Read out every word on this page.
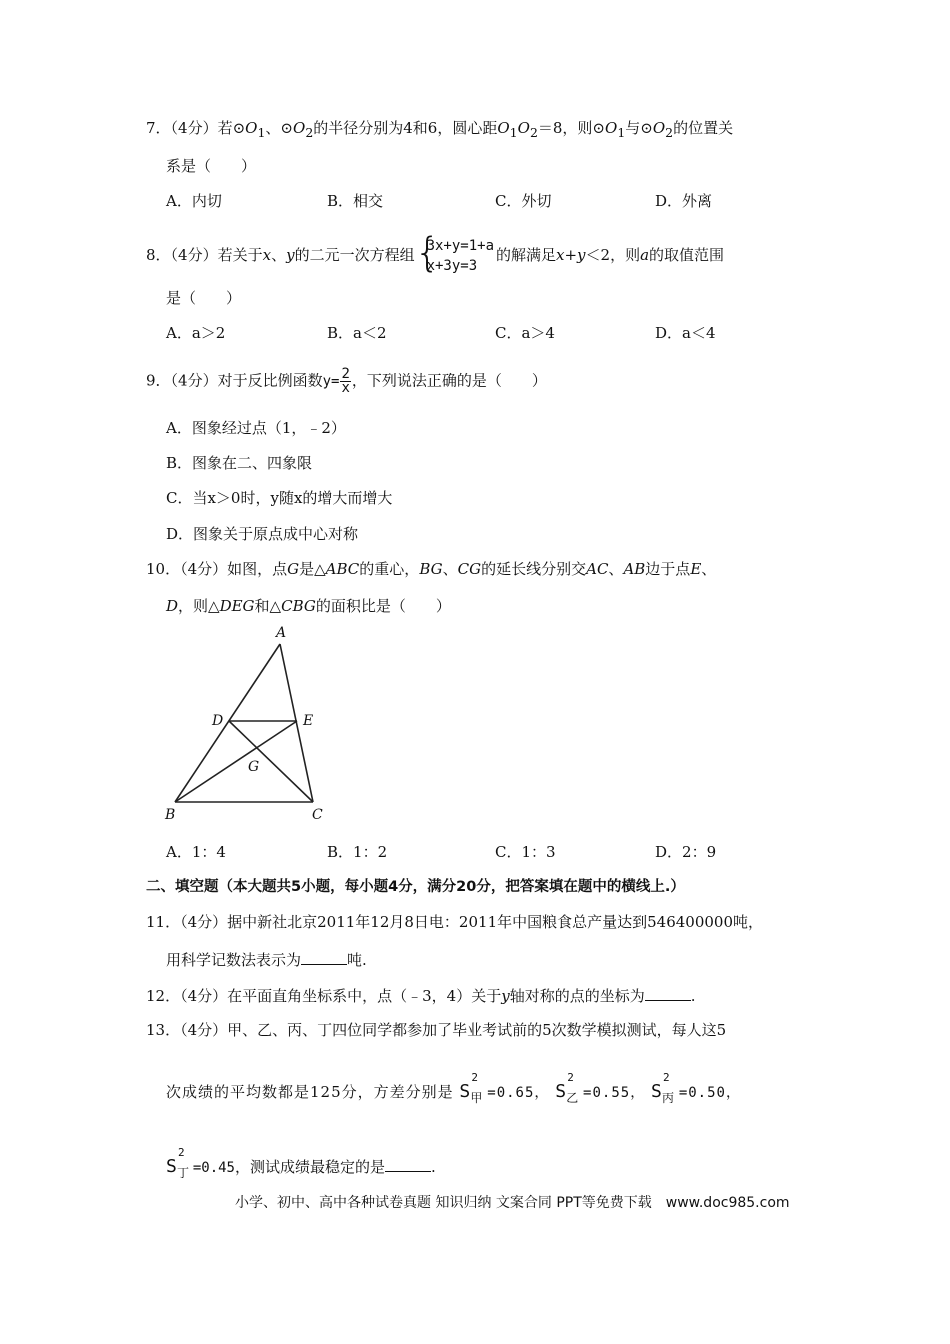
7．（4分）若$⊙O_1$、$⊙O_2$的半径分别为4和6，圆心距$O_1O_2=8$，则$⊙O_1$与$⊙O_2$的位置关
系是（　　）
A．内切	B．相交	C．外切	D．外离
8．（4分）若关于x、y的二元一次方程组 {
3x+y=1+a
x+3y=3
的解满足x+y＜2，则a的取值范围
是（　　）
A．a＞2	B．a＜2	C．a＞4	D．a＜4
9．（4分）对于反比例函数$y= \frac{2}{x}$ ，下列说法正确的是（　　）
A．图象经过点（1，﹣2）
B．图象在二、四象限
C．当x＞0时，y随x的增大而增大
D．图象关于原点成中心对称
10．（4分）如图，点G是△ABC的重心，BG、CG的延长线分别交AC、AB边于点E、
D，则△DEG和△CBG的面积比是（　　）
A
D	E
G
B	C
A．1：4	B．1：2	C．1：3	D．2：9
二、填空题（本大题共5小题，每小题4分，满分20分，把答案填在题中的横线上.）
11．（4分）据中新社北京2011年12月8日电：2011年中国粮食总产量达到546400000吨，
用科学记数法表示为	吨.
12．（4分）在平面直角坐标系中，点（﹣3，4）关于y轴对称的点的坐标为	.
13．（4分）甲、乙、丙、丁四位同学都参加了毕业考试前的5次数学模拟测试，每人这5
次成绩的平均数都是125分，方差分别是 S
2
甲 =0.65， S
2
乙 =0.55， S
2
丙 =0.50，
S
2
丁 =0.45，测试成绩最稳定的是	.
小学、初中、高中各种试卷真题 知识归纳 文案合同 PPT等免费下载　www.doc985.com
